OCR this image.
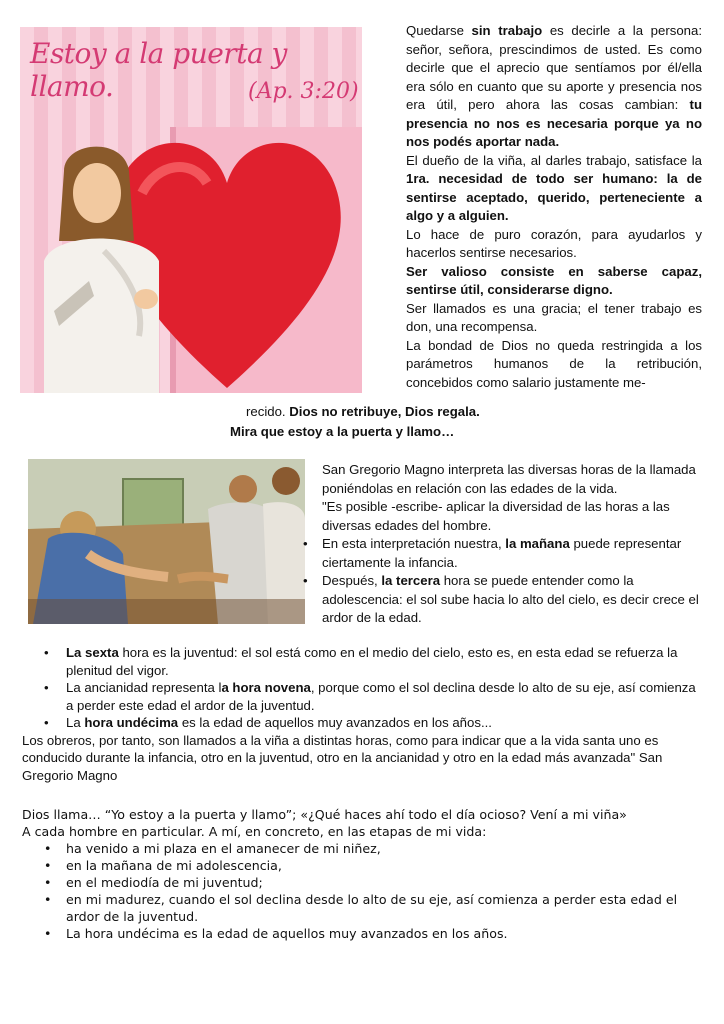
Estoy a la puerta y llamo.	(Ap. 3:20)

Quedarse sin trabajo es decirle a la persona: señor, señora, prescindimos de usted. Es como decirle que el aprecio que sentíamos por él/ella era sólo en cuanto que su aporte y presencia nos era útil, pero ahora las cosas cambian: tu presencia no nos es necesaria porque ya no nos podés aportar nada.

El dueño de la viña, al darles trabajo, satisface la 1ra. necesidad de todo ser humano: la de sentirse aceptado, querido, perteneciente a algo y a alguien.

Lo hace de puro corazón, para ayudarlos y hacerlos sentirse necesarios.

Ser valioso consiste en saberse capaz, sentirse útil, considerarse digno.

Ser llamados es una gracia; el tener trabajo es don, una recompensa.

La bondad de Dios no queda restringida a los parámetros humanos de la retribución, concebidos como salario justamente me-

recido. Dios no retribuye, Dios regala.
Mira que estoy a la puerta y llamo…

San Gregorio Magno interpreta las diversas horas de la llamada poniéndolas en relación con las edades de la vida.

"Es posible -escribe- aplicar la diversidad de las horas a las diversas edades del hombre.

• En esta interpretación nuestra, la mañana puede representar ciertamente la infancia.
• Después, la tercera hora se puede entender como la adolescencia: el sol sube hacia lo alto del cielo, es decir crece el ardor de la edad.
• La sexta hora es la juventud: el sol está como en el medio del cielo, esto es, en esta edad se refuerza la plenitud del vigor.
• La ancianidad representa la hora novena, porque como el sol declina desde lo alto de su eje, así comienza a perder este edad el ardor de la juventud.
• La hora undécima es la edad de aquellos muy avanzados en los años...

Los obreros, por tanto, son llamados a la viña a distintas horas, como para indicar que a la vida santa uno es conducido durante la infancia, otro en la juventud, otro en la ancianidad y otro en la edad más avanzada" San Gregorio Magno

Dios llama… “Yo estoy a la puerta y llamo”; «¿Qué haces ahí todo el día ocioso? Vení a mi viña»

A cada hombre en particular. A mí, en concreto, en las etapas de mi vida:

• ha venido a mi plaza en el amanecer de mi niñez,
• en la mañana de mi adolescencia,
• en el mediodía de mi juventud;
• en mi madurez, cuando el sol declina desde lo alto de su eje, así comienza a perder esta edad el ardor de la juventud.
• La hora undécima es la edad de aquellos muy avanzados en los años.
